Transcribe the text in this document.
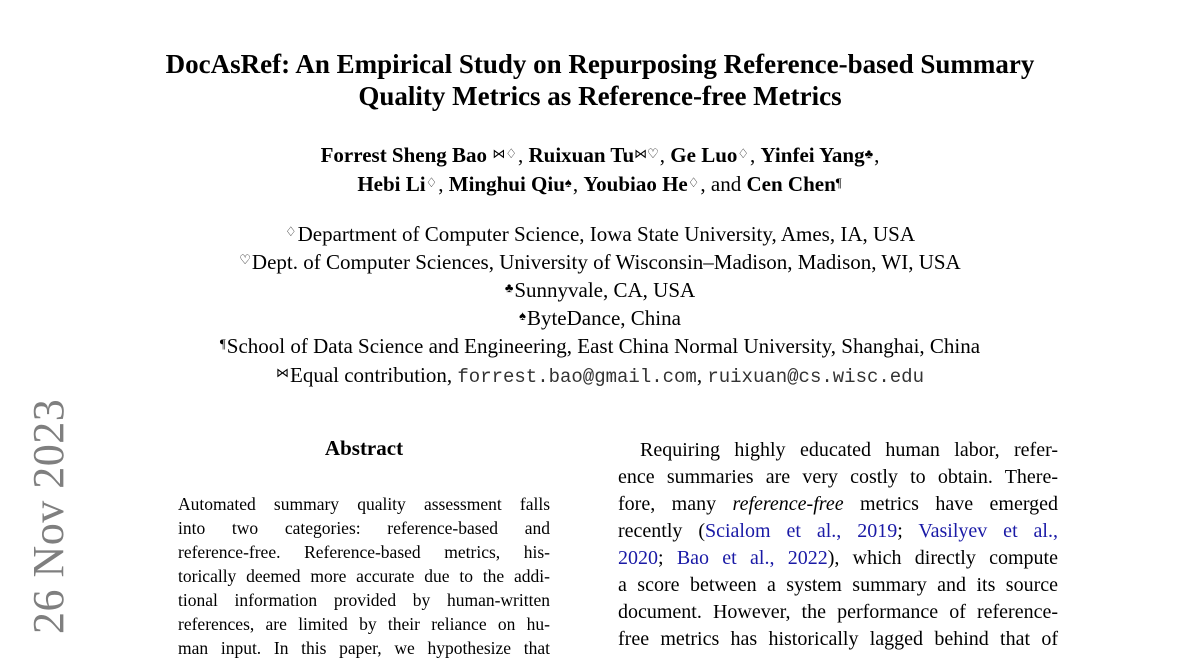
26 Nov 2023
DocAsRef: An Empirical Study on Repurposing Reference-based Summary
Quality Metrics as Reference-free Metrics
Forrest Sheng Bao ⋈♢, Ruixuan Tu⋈♡, Ge Luo♢, Yinfei Yang♣,
Hebi Li♢, Minghui Qiu♠, Youbiao He♢, and Cen Chen¶
♢Department of Computer Science, Iowa State University, Ames, IA, USA
♡Dept. of Computer Sciences, University of Wisconsin–Madison, Madison, WI, USA
♣Sunnyvale, CA, USA
♠ByteDance, China
¶School of Data Science and Engineering, East China Normal University, Shanghai, China
⋈Equal contribution, forrest.bao@gmail.com, ruixuan@cs.wisc.edu
Abstract
Automated summary quality assessment falls
into two categories: reference-based and
reference-free. Reference-based metrics, his-
torically deemed more accurate due to the addi-
tional information provided by human-written
references, are limited by their reliance on hu-
man input. In this paper, we hypothesize that
Requiring highly educated human labor, refer-
ence summaries are very costly to obtain. There-
fore, many reference-free metrics have emerged
recently (Scialom et al., 2019; Vasilyev et al.,
2020; Bao et al., 2022), which directly compute
a score between a system summary and its source
document. However, the performance of reference-
free metrics has historically lagged behind that of
